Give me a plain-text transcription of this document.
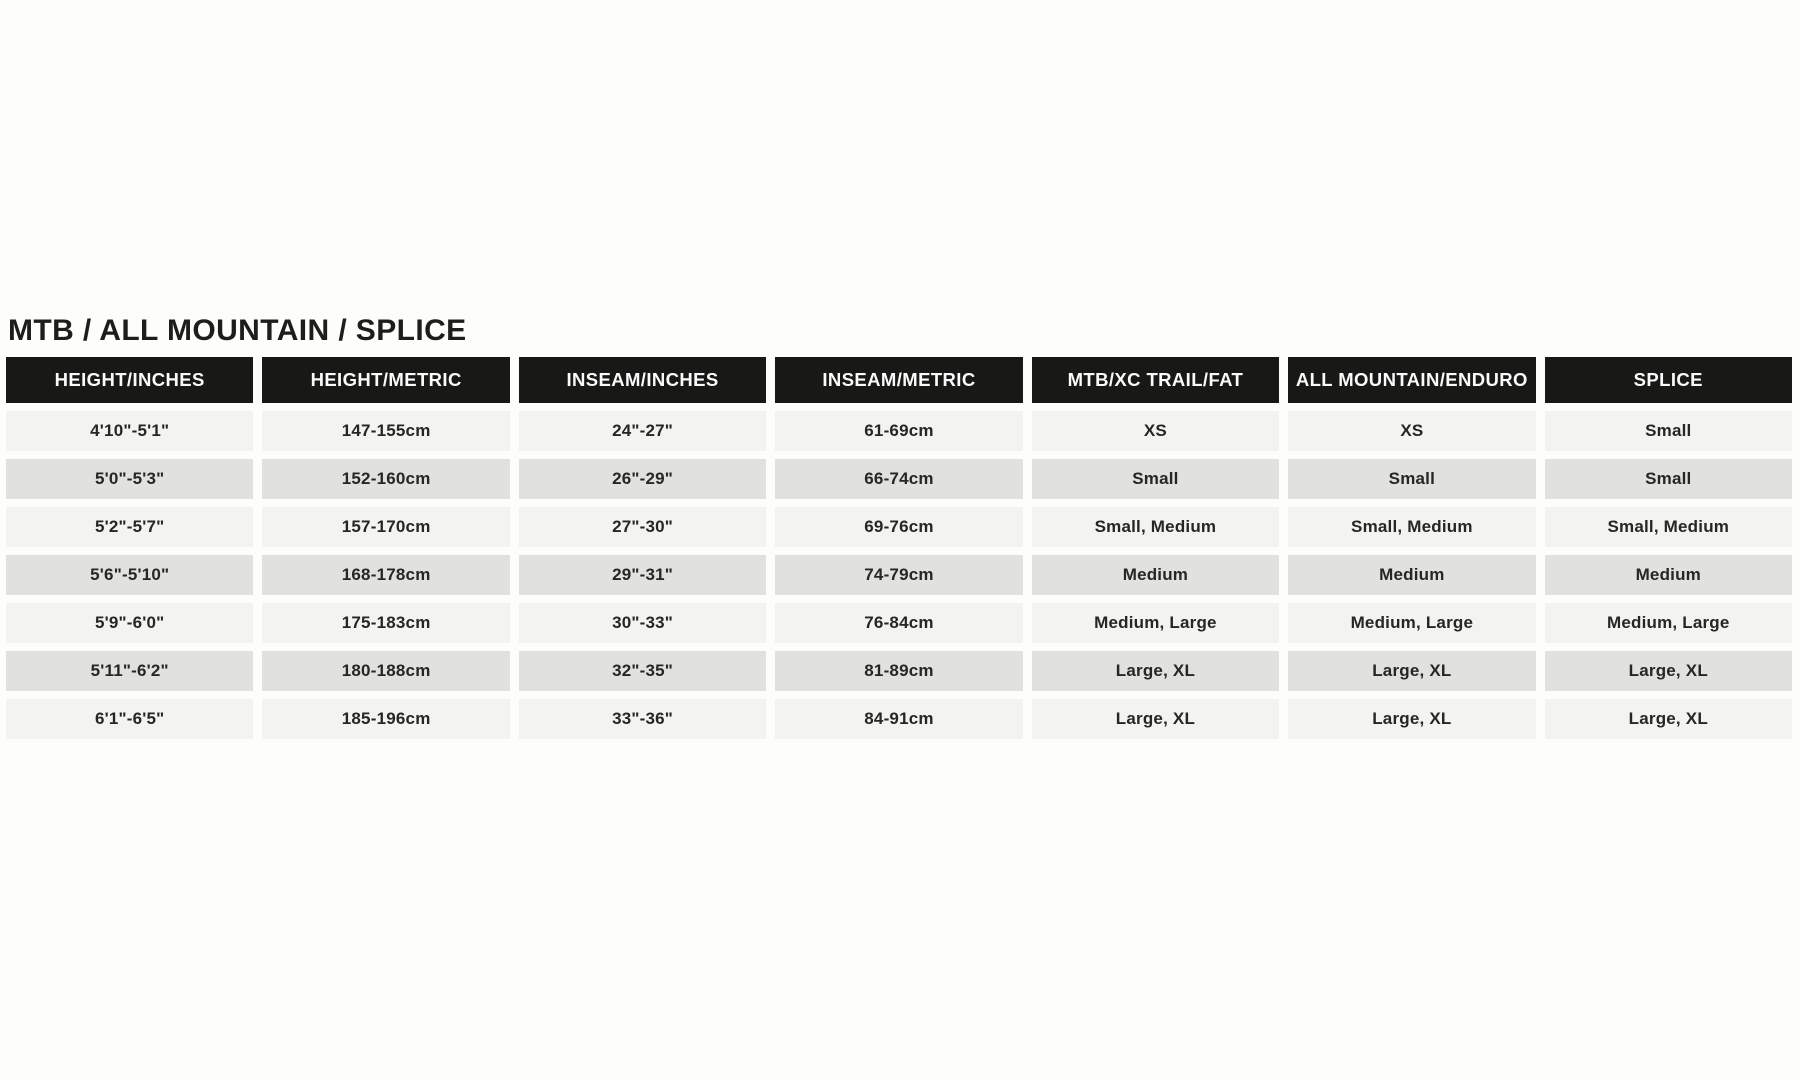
MTB / ALL MOUNTAIN / SPLICE
HEIGHT/INCHES	HEIGHT/METRIC	INSEAM/INCHES	INSEAM/METRIC	MTB/XC TRAIL/FAT	ALL MOUNTAIN/ENDURO	SPLICE
4'10"-5'1"	147-155cm	24"-27"	61-69cm	XS	XS	Small
5'0"-5'3"	152-160cm	26"-29"	66-74cm	Small	Small	Small
5'2"-5'7"	157-170cm	27"-30"	69-76cm	Small, Medium	Small, Medium	Small, Medium
5'6"-5'10"	168-178cm	29"-31"	74-79cm	Medium	Medium	Medium
5'9"-6'0"	175-183cm	30"-33"	76-84cm	Medium, Large	Medium, Large	Medium, Large
5'11"-6'2"	180-188cm	32"-35"	81-89cm	Large, XL	Large, XL	Large, XL
6'1"-6'5"	185-196cm	33"-36"	84-91cm	Large, XL	Large, XL	Large, XL
